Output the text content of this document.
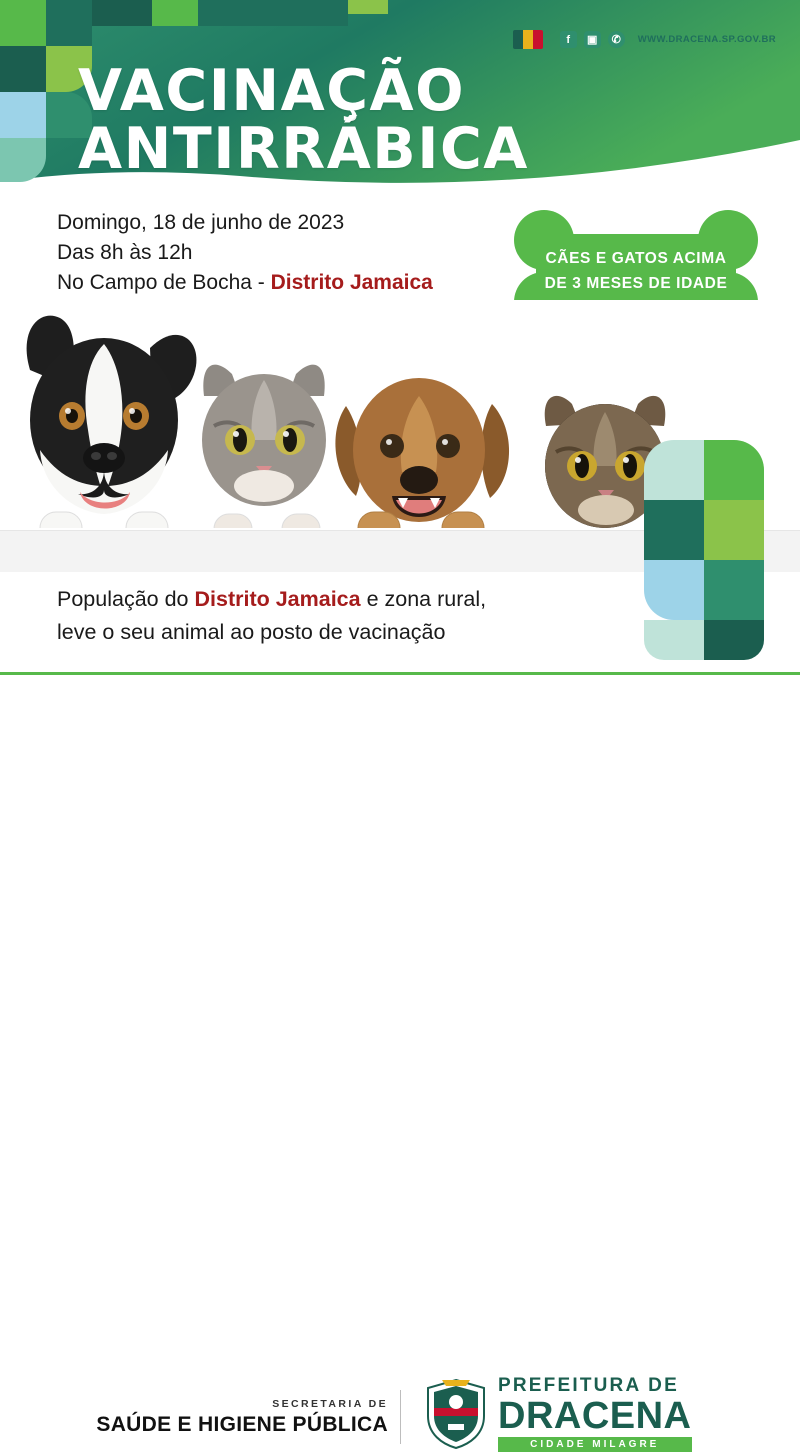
f	▣	✆	WWW.DRACENA.SP.GOV.BR
VACINAÇÃO
ANTIRRÁBICA
Domingo, 18 de junho de 2023
Das 8h às 12h
No Campo de Bocha - Distrito Jamaica
CÃES E GATOS ACIMA
DE 3 MESES DE IDADE
População do Distrito Jamaica e zona rural,
leve o seu animal ao posto de vacinação
SECRETARIA DE
SAÚDE E HIGIENE PÚBLICA
PREFEITURA DE
DRACENA
CIDADE MILAGRE
